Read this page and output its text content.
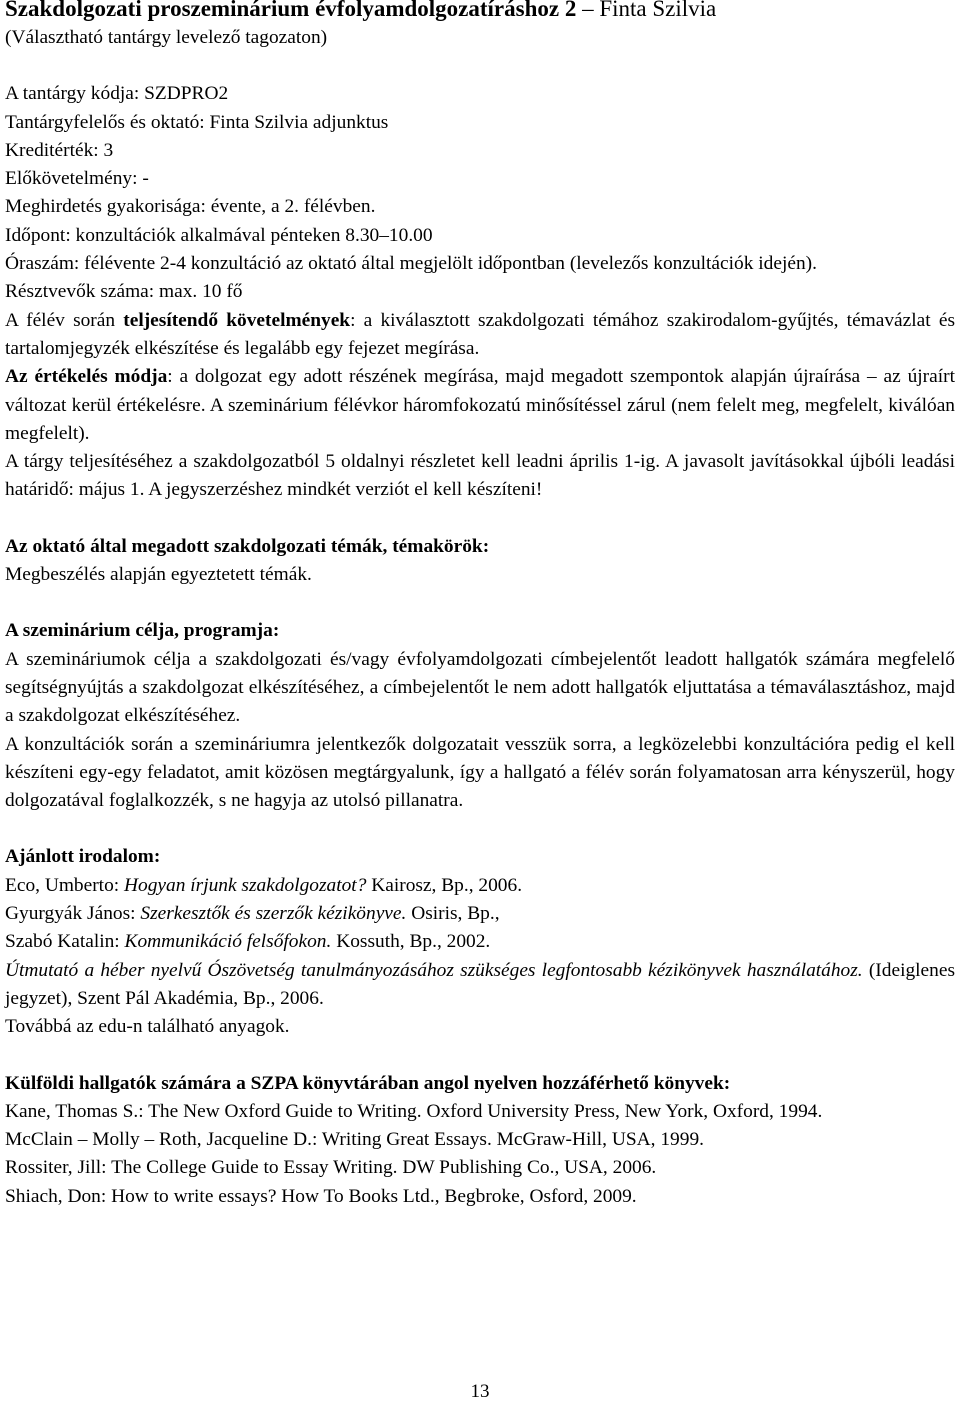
Szakdolgozati proszeminárium évfolyamdolgozatíráshoz 2 – Finta Szilvia

(Választható tantárgy levelező tagozaton)

A tantárgy kódja: SZDPRO2

Tantárgyfelelős és oktató: Finta Szilvia adjunktus

Kreditérték: 3

Előkövetelmény: -

Meghirdetés gyakorisága: évente, a 2. félévben.

Időpont: konzultációk alkalmával pénteken 8.30–10.00

Óraszám: félévente 2-4 konzultáció az oktató által megjelölt időpontban (levelezős konzultációk idején).

Résztvevők száma: max. 10 fő

A félév során teljesítendő követelmények: a kiválasztott szakdolgozati témához szakirodalom-gyűjtés, témavázlat és tartalomjegyzék elkészítése és legalább egy fejezet megírása.

Az értékelés módja: a dolgozat egy adott részének megírása, majd megadott szempontok alapján újraírása – az újraírt változat kerül értékelésre. A szeminárium félévkor háromfokozatú minősítéssel zárul (nem felelt meg, megfelelt, kiválóan megfelelt).

A tárgy teljesítéséhez a szakdolgozatból 5 oldalnyi részletet kell leadni április 1-ig. A javasolt javításokkal újbóli leadási határidő: május 1. A jegyszerzéshez mindkét verziót el kell készíteni!

Az oktató által megadott szakdolgozati témák, témakörök:

Megbeszélés alapján egyeztetett témák.

A szeminárium célja, programja:

A szemináriumok célja a szakdolgozati és/vagy évfolyamdolgozati címbejelentőt leadott hallgatók számára megfelelő segítségnyújtás a szakdolgozat elkészítéséhez, a címbejelentőt le nem adott hallgatók eljuttatása a témaválasztáshoz, majd a szakdolgozat elkészítéséhez.

A konzultációk során a szemináriumra jelentkezők dolgozatait vesszük sorra, a legközelebbi konzultációra pedig el kell készíteni egy-egy feladatot, amit közösen megtárgyalunk, így a hallgató a félév során folyamatosan arra kényszerül, hogy dolgozatával foglalkozzék, s ne hagyja az utolsó pillanatra.

Ajánlott irodalom:

Eco, Umberto: Hogyan írjunk szakdolgozatot? Kairosz, Bp., 2006.

Gyurgyák János: Szerkesztők és szerzők kézikönyve. Osiris, Bp.,

Szabó Katalin: Kommunikáció felsőfokon. Kossuth, Bp., 2002.

Útmutató a héber nyelvű Ószövetség tanulmányozásához szükséges legfontosabb kézikönyvek használatához. (Ideiglenes jegyzet), Szent Pál Akadémia, Bp., 2006.

Továbbá az edu-n található anyagok.

Külföldi hallgatók számára a SZPA könyvtárában angol nyelven hozzáférhető könyvek:

Kane, Thomas S.: The New Oxford Guide to Writing. Oxford University Press, New York, Oxford, 1994.

McClain – Molly – Roth, Jacqueline D.: Writing Great Essays. McGraw-Hill, USA, 1999.

Rossiter, Jill: The College Guide to Essay Writing. DW Publishing Co., USA, 2006.

Shiach, Don: How to write essays? How To Books Ltd., Begbroke, Osford, 2009.

13
